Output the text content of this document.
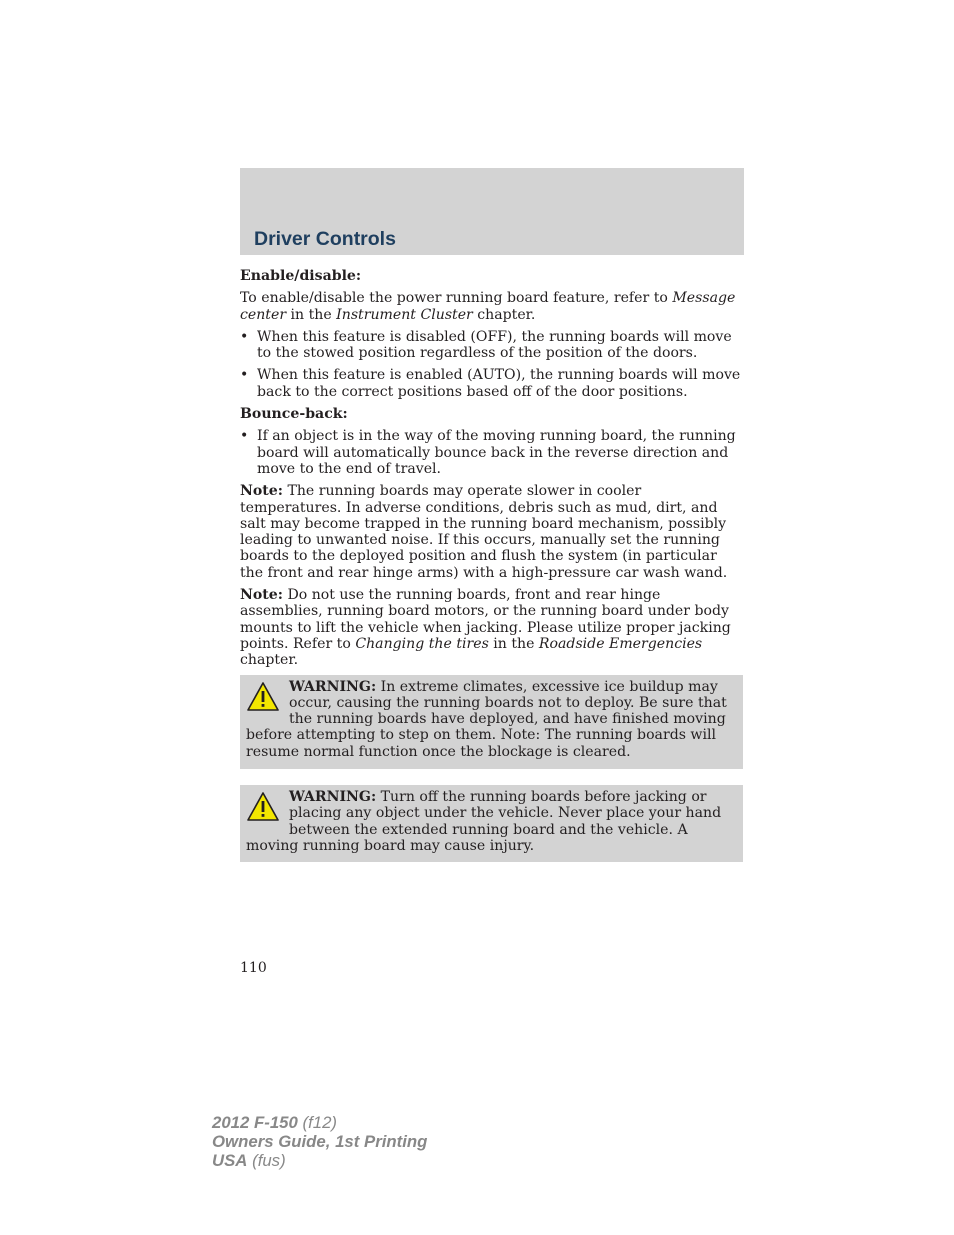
Driver Controls

Enable/disable:

To enable/disable the power running board feature, refer to Message center in the Instrument Cluster chapter.

• When this feature is disabled (OFF), the running boards will move to the stowed position regardless of the position of the doors.
• When this feature is enabled (AUTO), the running boards will move back to the correct positions based off of the door positions.

Bounce-back:

• If an object is in the way of the moving running board, the running board will automatically bounce back in the reverse direction and move to the end of travel.

Note: The running boards may operate slower in cooler temperatures. In adverse conditions, debris such as mud, dirt, and salt may become trapped in the running board mechanism, possibly leading to unwanted noise. If this occurs, manually set the running boards to the deployed position and flush the system (in particular the front and rear hinge arms) with a high-pressure car wash wand.

Note: Do not use the running boards, front and rear hinge assemblies, running board motors, or the running board under body mounts to lift the vehicle when jacking. Please utilize proper jacking points. Refer to Changing the tires in the Roadside Emergencies chapter.

WARNING: In extreme climates, excessive ice buildup may occur, causing the running boards not to deploy. Be sure that the running boards have deployed, and have finished moving before attempting to step on them. Note: The running boards will resume normal function once the blockage is cleared.
WARNING: Turn off the running boards before jacking or placing any object under the vehicle. Never place your hand between the extended running board and the vehicle. A moving running board may cause injury.
110
2012 F-150 (f12)
Owners Guide, 1st Printing
USA (fus)
